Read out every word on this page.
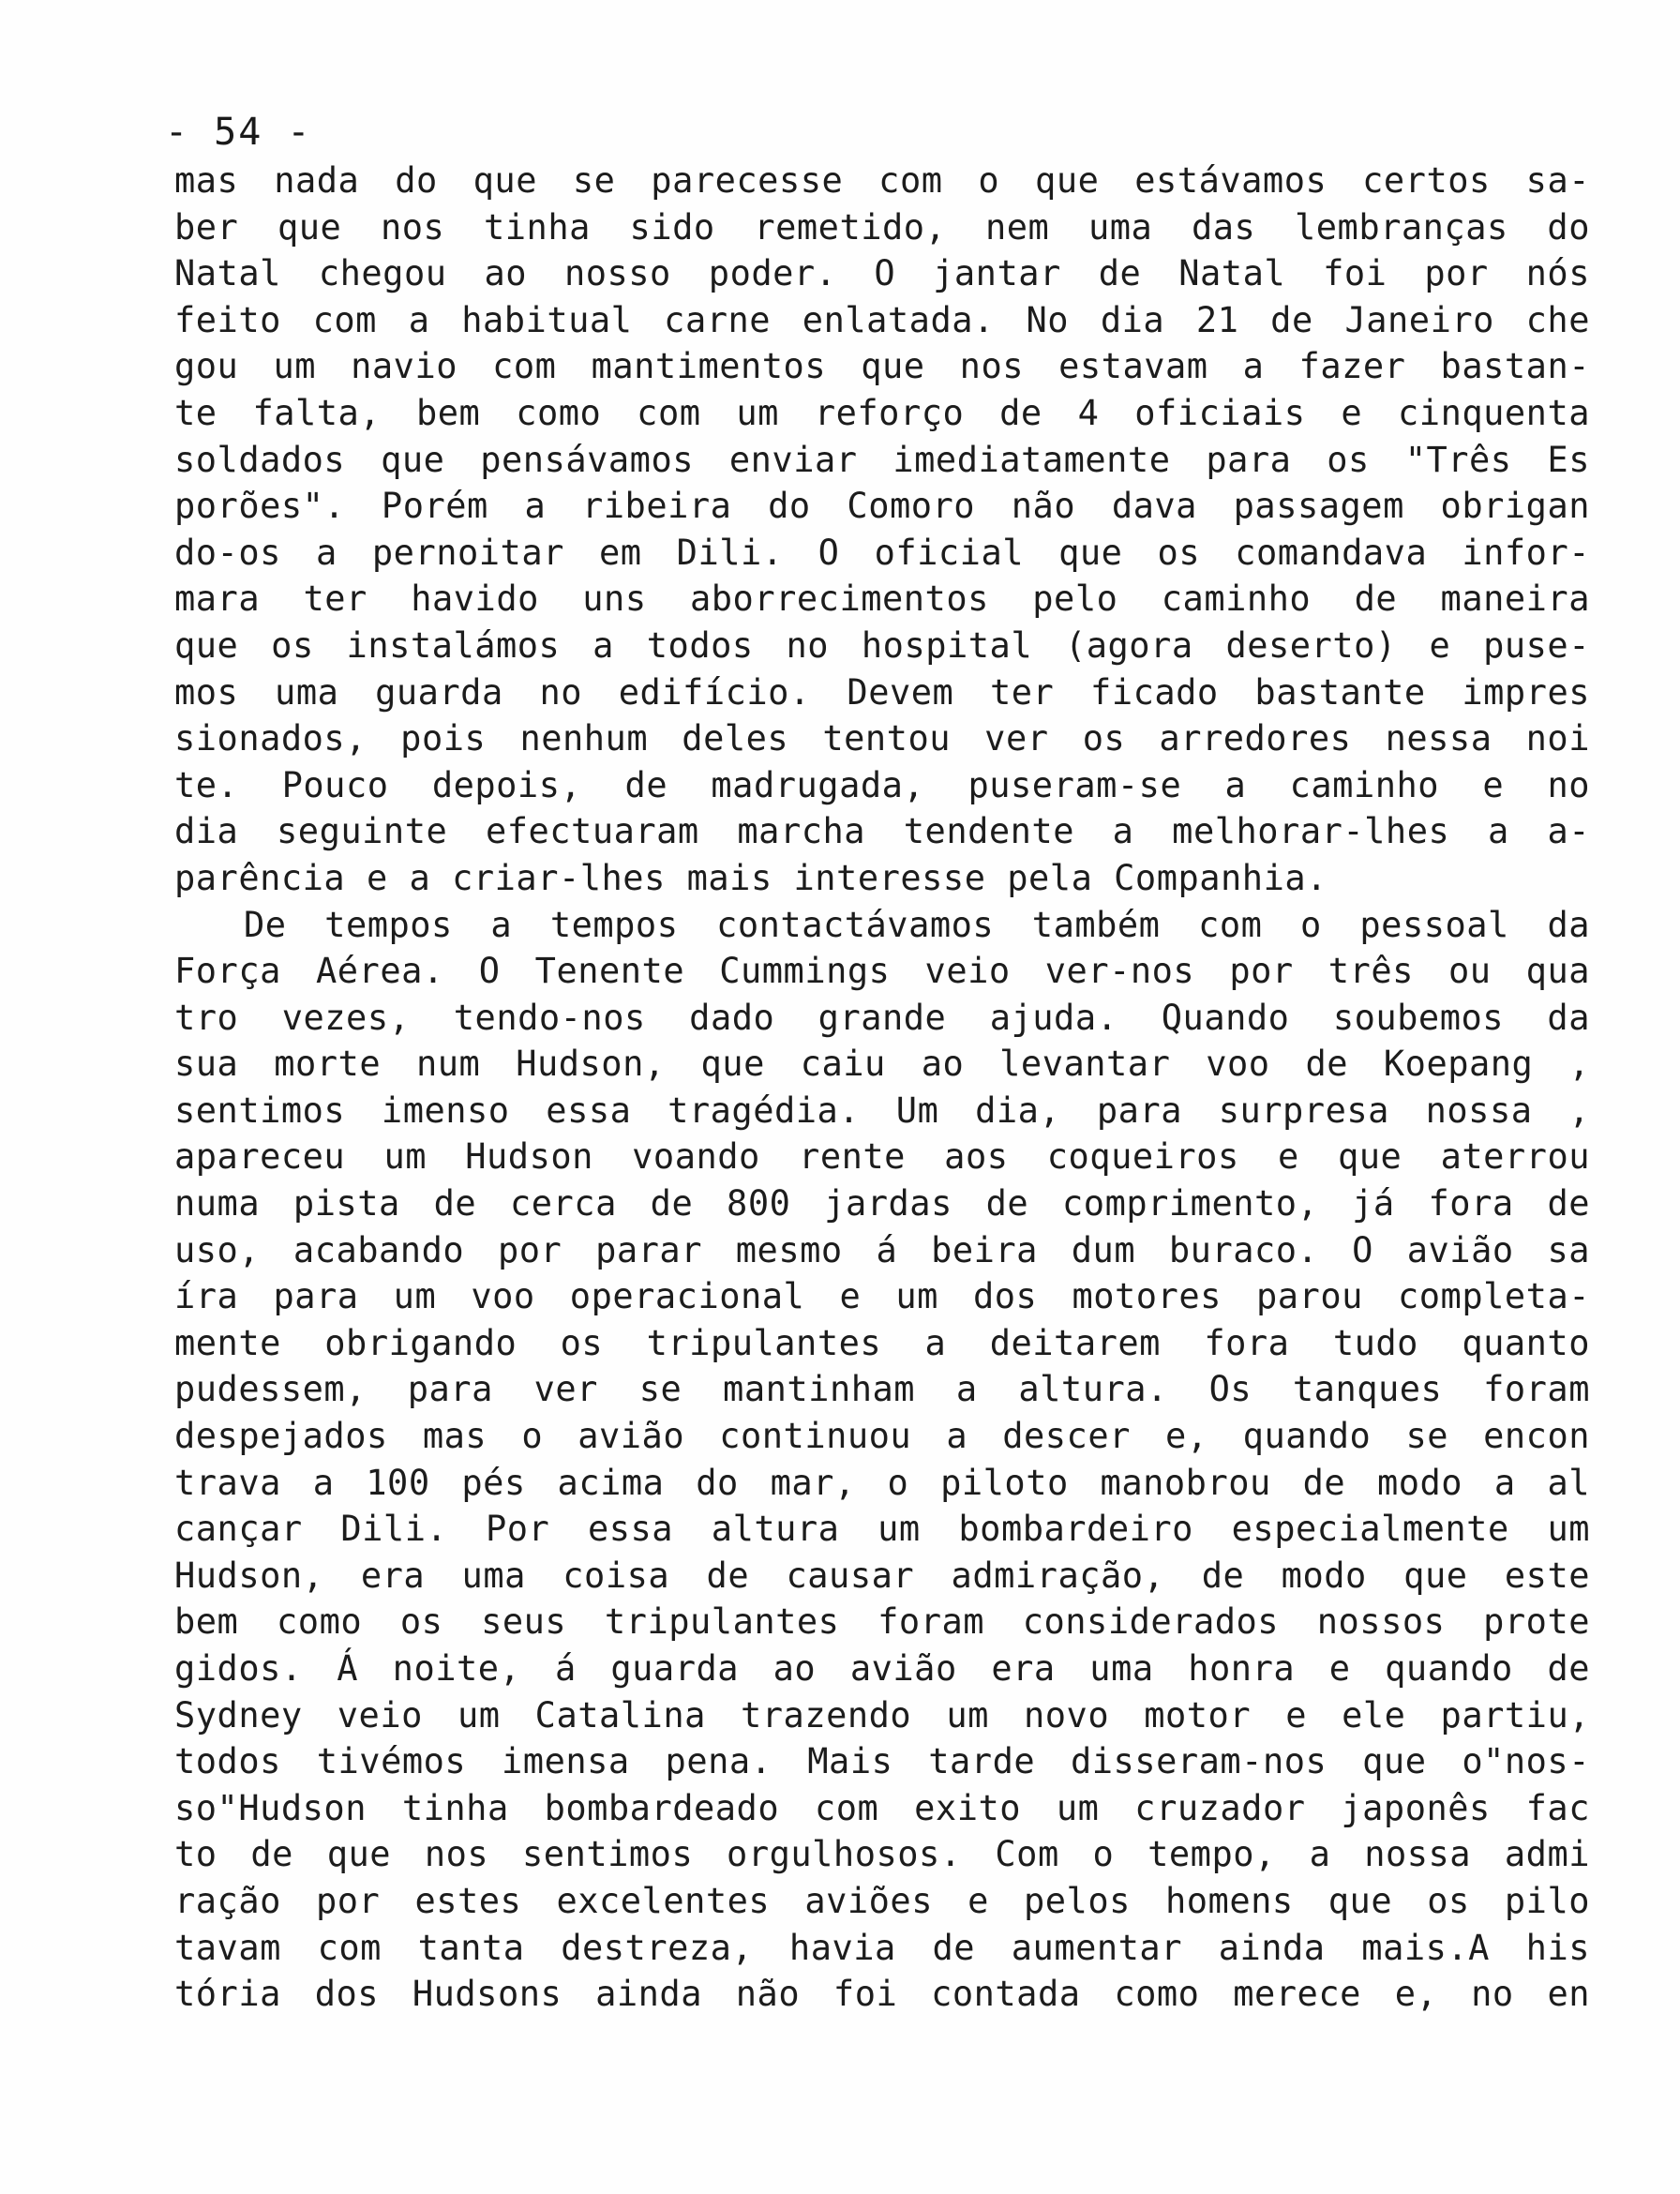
- 54 -
mas nada do que se parecesse com o que estávamos certos sa-
ber que nos tinha sido remetido, nem uma das lembranças do
Natal chegou ao nosso poder. O jantar de Natal foi por nós
feito com a habitual carne enlatada. No dia 21 de Janeiro che
gou um navio com mantimentos que nos estavam a fazer bastan-
te falta, bem como com um reforço de 4 oficiais e cinquenta
soldados que pensávamos enviar imediatamente para os "Três Es
porões". Porém a ribeira do Comoro não dava passagem obrigan
do-os a pernoitar em Dili. O oficial que os comandava infor-
mara ter havido uns aborrecimentos pelo caminho de maneira
que os instalámos a todos no hospital (agora deserto) e puse-
mos uma guarda no edifício. Devem ter ficado bastante impres
sionados, pois nenhum deles tentou ver os arredores nessa noi
te. Pouco depois, de madrugada, puseram-se a caminho e no
dia seguinte efectuaram marcha tendente a melhorar-lhes a a-
parência e a criar-lhes mais interesse pela Companhia.
De tempos a tempos contactávamos também com o pessoal da
Força Aérea. O Tenente Cummings veio ver-nos por três ou qua
tro vezes, tendo-nos dado grande ajuda. Quando soubemos da
sua morte num Hudson, que caiu ao levantar voo de Koepang ,
sentimos imenso essa tragédia. Um dia, para surpresa nossa ,
apareceu um Hudson voando rente aos coqueiros e que aterrou
numa pista de cerca de 800 jardas de comprimento, já fora de
uso, acabando por parar mesmo á beira dum buraco. O avião sa
íra para um voo operacional e um dos motores parou completa-
mente obrigando os tripulantes a deitarem fora tudo quanto
pudessem, para ver se mantinham a altura. Os tanques foram
despejados mas o avião continuou a descer e, quando se encon
trava a 100 pés acima do mar, o piloto manobrou de modo a al
cançar Dili. Por essa altura um bombardeiro especialmente um
Hudson, era uma coisa de causar admiração, de modo que este
bem como os seus tripulantes foram considerados nossos prote
gidos. Á noite, á guarda ao avião era uma honra e quando de
Sydney veio um Catalina trazendo um novo motor e ele partiu,
todos tivémos imensa pena. Mais tarde disseram-nos que o"nos-
so"Hudson tinha bombardeado com exito um cruzador japonês fac
to de que nos sentimos orgulhosos. Com o tempo, a nossa admi
ração por estes excelentes aviões e pelos homens que os pilo
tavam com tanta destreza, havia de aumentar ainda mais.A his
tória dos Hudsons ainda não foi contada como merece e, no en
